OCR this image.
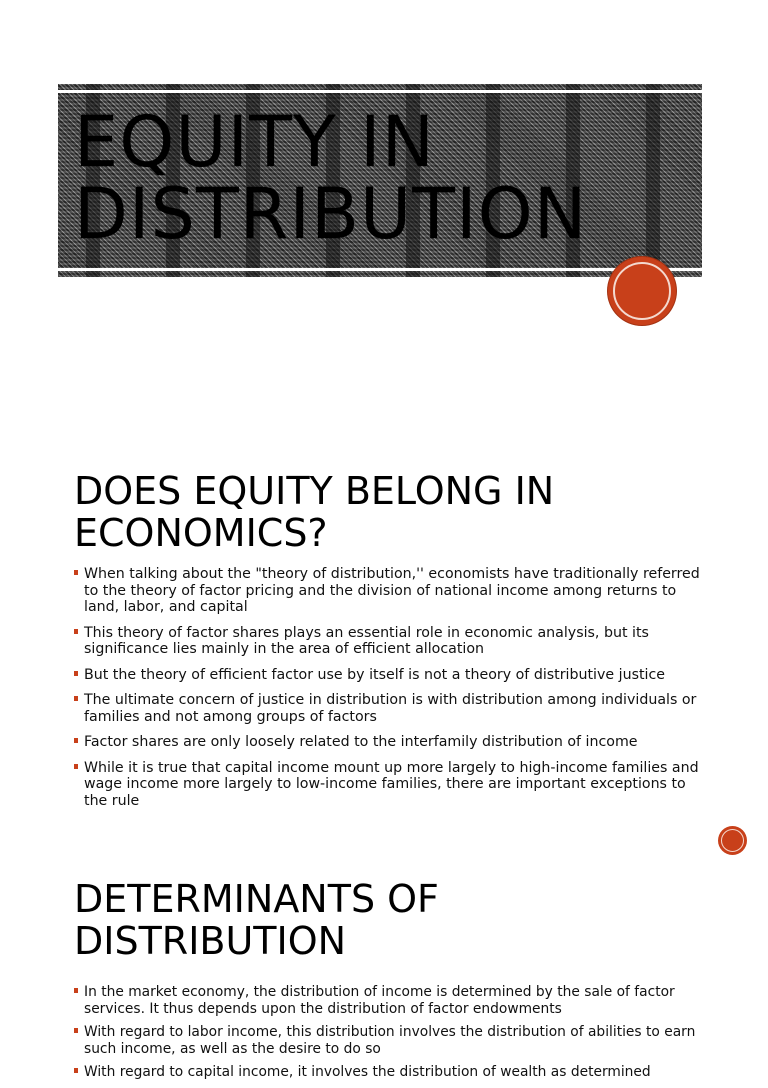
EQUITY IN DISTRIBUTION
DOES EQUITY BELONG IN ECONOMICS?
When talking about the "theory of distribution,'' economists have traditionally referred to the theory of factor pricing and the division of national income among returns to land, labor, and capital
This theory of factor shares plays an essential role in economic analysis, but its significance lies mainly in the area of efficient allocation
But the theory of efficient factor use by itself is not a theory of distributive justice
The ultimate concern of justice in distribution is with distribution among individuals or families and not among groups of factors
Factor shares are only loosely related to the interfamily distribution of income
While it is true that capital income mount up more largely to high-income families and wage income more largely to low-income families, there are important exceptions to the rule
DETERMINANTS OF DISTRIBUTION
In the market economy, the distribution of income is determined by the sale of factor services. It thus depends upon the distribution of factor endowments
With regard to labor income, this distribution involves the distribution of abilities to earn such income, as well as the desire to do so
With regard to capital income, it involves the distribution of wealth as determined
